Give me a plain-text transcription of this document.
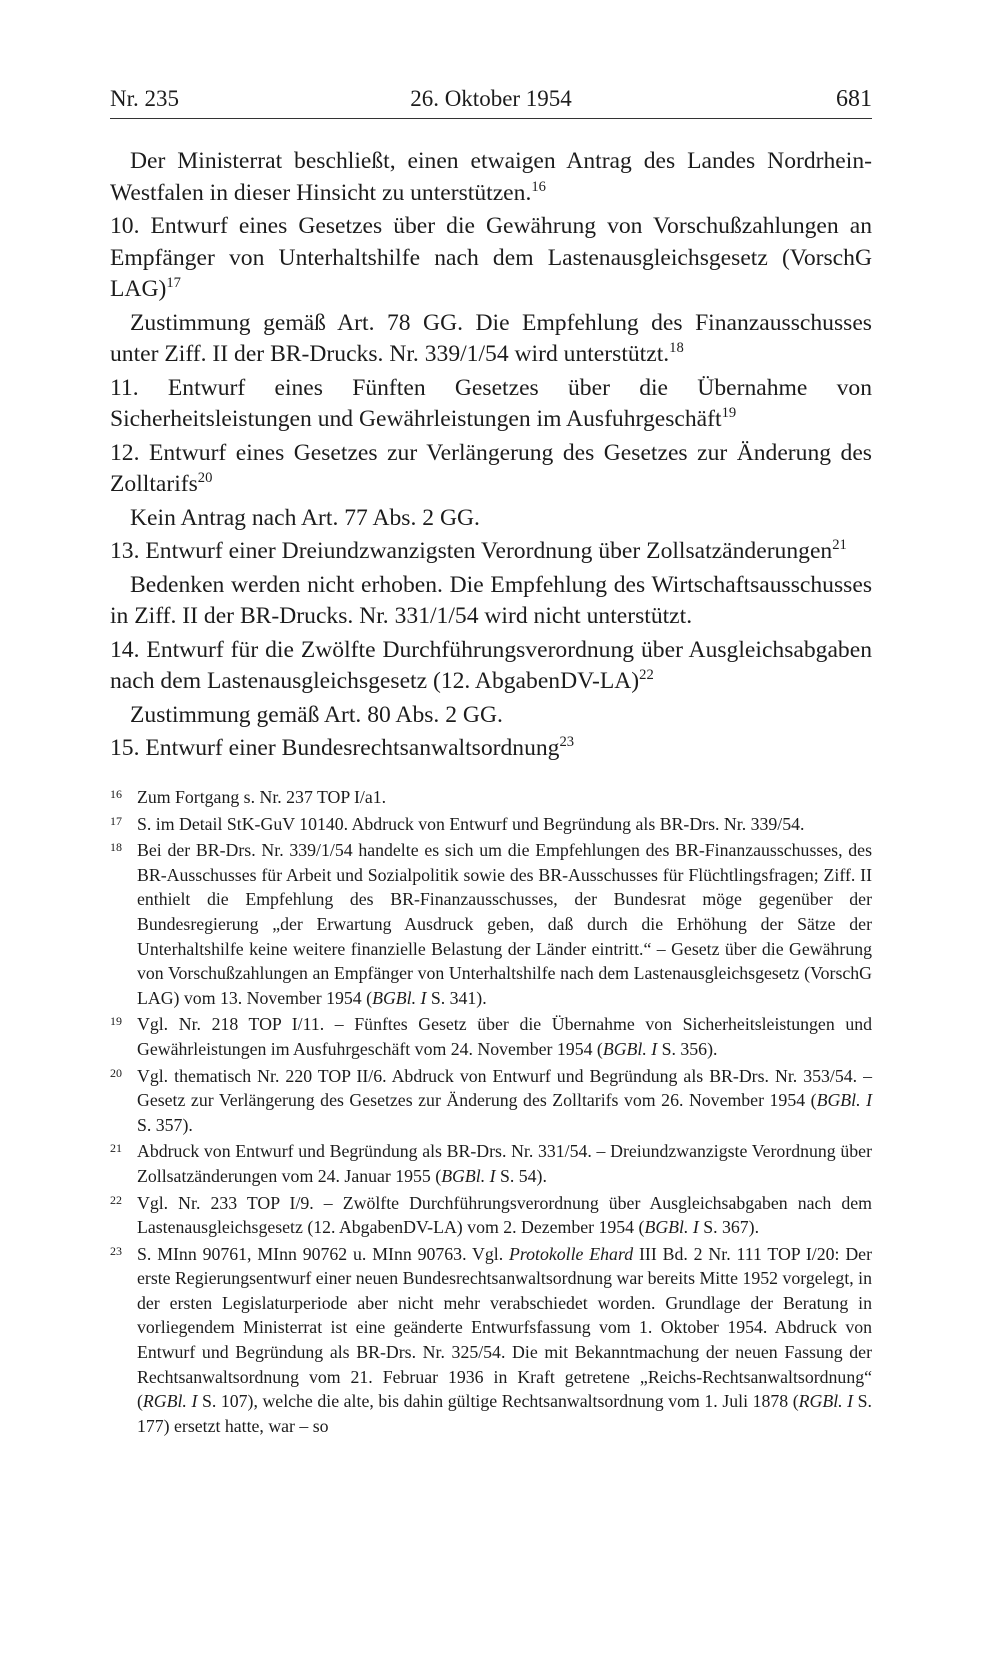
Nr. 235	26. Oktober 1954	681

Der Ministerrat beschließt, einen etwaigen Antrag des Landes Nordrhein-Westfalen in dieser Hinsicht zu unterstützen.$^{16}$

10. Entwurf eines Gesetzes über die Gewährung von Vorschußzahlungen an Empfänger von Unterhaltshilfe nach dem Lastenausgleichsgesetz (VorschG LAG)$^{17}$

Zustimmung gemäß Art. 78 GG. Die Empfehlung des Finanzausschusses unter Ziff. II der BR-Drucks. Nr. 339/1/54 wird unterstützt.$^{18}$

11. Entwurf eines Fünften Gesetzes über die Übernahme von Sicherheitsleistungen und Gewährleistungen im Ausfuhrgeschäft$^{19}$

12. Entwurf eines Gesetzes zur Verlängerung des Gesetzes zur Änderung des Zolltarifs$^{20}$

Kein Antrag nach Art. 77 Abs. 2 GG.

13. Entwurf einer Dreiundzwanzigsten Verordnung über Zollsatzänderungen$^{21}$

Bedenken werden nicht erhoben. Die Empfehlung des Wirtschaftsausschusses in Ziff. II der BR-Drucks. Nr. 331/1/54 wird nicht unterstützt.

14. Entwurf für die Zwölfte Durchführungsverordnung über Ausgleichsabgaben nach dem Lastenausgleichsgesetz (12. AbgabenDV-LA)$^{22}$

Zustimmung gemäß Art. 80 Abs. 2 GG.

15. Entwurf einer Bundesrechtsanwaltsordnung$^{23}$

16 Zum Fortgang s. Nr. 237 TOP I/a1.
17 S. im Detail StK-GuV 10140. Abdruck von Entwurf und Begründung als BR-Drs. Nr. 339/54.
18 Bei der BR-Drs. Nr. 339/1/54 handelte es sich um die Empfehlungen des BR-Finanzausschusses, des BR-Ausschusses für Arbeit und Sozialpolitik sowie des BR-Ausschusses für Flüchtlingsfragen; Ziff. II enthielt die Empfehlung des BR-Finanzausschusses, der Bundesrat möge gegenüber der Bundesregierung „der Erwartung Ausdruck geben, daß durch die Erhöhung der Sätze der Unterhaltshilfe keine weitere finanzielle Belastung der Länder eintritt.“ – Gesetz über die Gewährung von Vorschußzahlungen an Empfänger von Unterhaltshilfe nach dem Lastenausgleichsgesetz (VorschG LAG) vom 13. November 1954 (BGBl. I S. 341).
19 Vgl. Nr. 218 TOP I/11. – Fünftes Gesetz über die Übernahme von Sicherheitsleistungen und Gewährleistungen im Ausfuhrgeschäft vom 24. November 1954 (BGBl. I S. 356).
20 Vgl. thematisch Nr. 220 TOP II/6. Abdruck von Entwurf und Begründung als BR-Drs. Nr. 353/54. – Gesetz zur Verlängerung des Gesetzes zur Änderung des Zolltarifs vom 26. November 1954 (BGBl. I S. 357).
21 Abdruck von Entwurf und Begründung als BR-Drs. Nr. 331/54. – Dreiundzwanzigste Verordnung über Zollsatzänderungen vom 24. Januar 1955 (BGBl. I S. 54).
22 Vgl. Nr. 233 TOP I/9. – Zwölfte Durchführungsverordnung über Ausgleichsabgaben nach dem Lastenausgleichsgesetz (12. AbgabenDV-LA) vom 2. Dezember 1954 (BGBl. I S. 367).
23 S. MInn 90761, MInn 90762 u. MInn 90763. Vgl. Protokolle Ehard III Bd. 2 Nr. 111 TOP I/20: Der erste Regierungsentwurf einer neuen Bundesrechtsanwaltsordnung war bereits Mitte 1952 vorgelegt, in der ersten Legislaturperiode aber nicht mehr verabschiedet worden. Grundlage der Beratung in vorliegendem Ministerrat ist eine geänderte Entwurfsfassung vom 1. Oktober 1954. Abdruck von Entwurf und Begründung als BR-Drs. Nr. 325/54. Die mit Bekanntmachung der neuen Fassung der Rechtsanwaltsordnung vom 21. Februar 1936 in Kraft getretene „Reichs-Rechtsanwaltsordnung“ (RGBl. I S. 107), welche die alte, bis dahin gültige Rechtsanwaltsordnung vom 1. Juli 1878 (RGBl. I S. 177) ersetzt hatte, war – so
